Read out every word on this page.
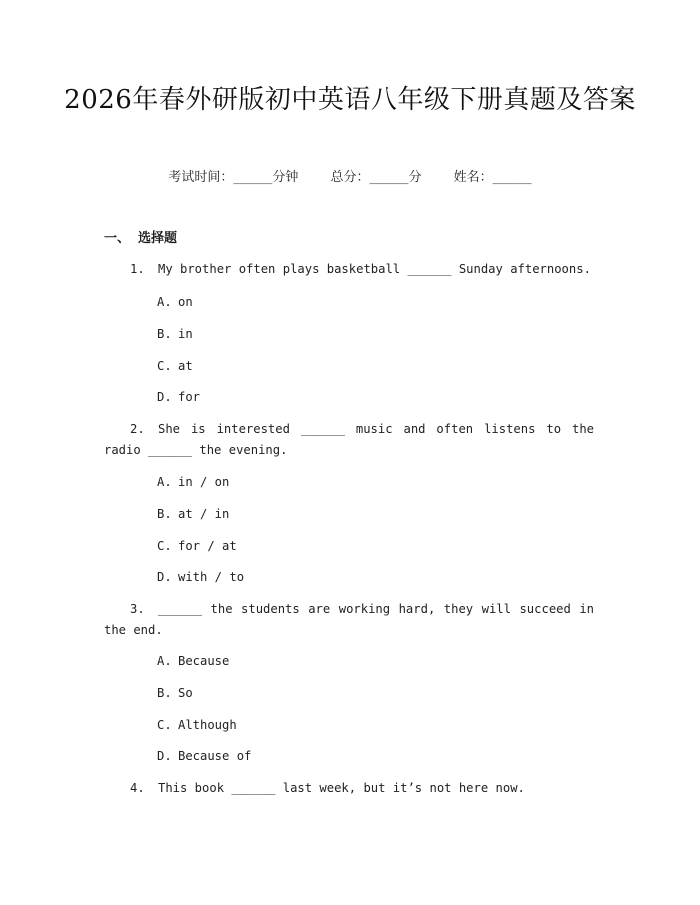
2026年春外研版初中英语八年级下册真题及答案
考试时间：______分钟 总分：______分 姓名：______
一、 选择题
1. My brother often plays basketball ______ Sunday afternoons.
A. on
B. in
C. at
D. for
2. She is interested ______ music and often listens to the radio ______ the evening.
A. in / on
B. at / in
C. for / at
D. with / to
3. ______ the students are working hard, they will succeed in the end.
A. Because
B. So
C. Although
D. Because of
4. This book ______ last week, but it’s not here now.
